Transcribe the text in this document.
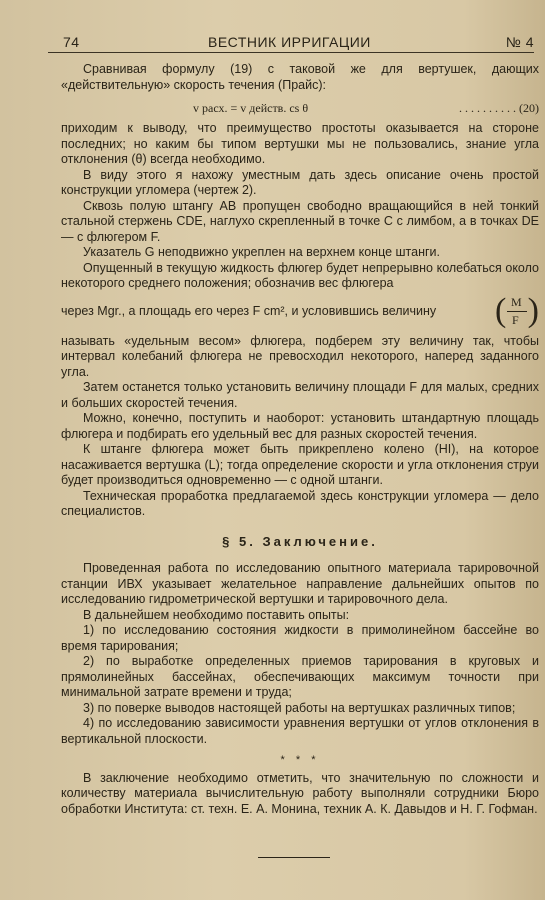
74	ВЕСТНИК ИРРИГАЦИИ	№ 4

Сравнивая формулу (19) с таковой же для вертушек, дающих «действительную» скорость течения (Прайс):

v расх. = v действ. cs θ	. . . . . . . . . . (20)

приходим к выводу, что преимущество простоты оказывается на стороне последних; но каким бы типом вертушки мы не пользовались, знание угла отклонения (θ) всегда необходимо.

В виду этого я нахожу уместным дать здесь описание очень простой конструкции угломера (чертеж 2).

Сквозь полую штангу AB пропущен свободно вращающийся в ней тонкий стальной стержень CDE, наглухо скрепленный в точке C с лимбом, а в точках DE — с флюгером F.

Указатель G неподвижно укреплен на верхнем конце штанги.

Опущенный в текущую жидкость флюгер будет непрерывно колебаться около некоторого среднего положения; обозначив вес флюгера

через Mgr., а площадь его через F cm², и условившись величину ( M
F )

называть «удельным весом» флюгера, подберем эту величину так, чтобы интервал колебаний флюгера не превосходил некоторого, наперед заданного угла.

Затем останется только установить величину площади F для малых, средних и больших скоростей течения.

Можно, конечно, поступить и наоборот: установить штандартную площадь флюгера и подбирать его удельный вес для разных скоростей течения.

К штанге флюгера может быть прикреплено колено (HI), на которое насаживается вертушка (L); тогда определение скорости и угла отклонения струи будет производиться одновременно — с одной штанги.

Техническая проработка предлагаемой здесь конструкции угломера — дело специалистов.

§ 5. Заключение.

Проведенная работа по исследованию опытного материала тарировочной станции ИВХ указывает желательное направление дальнейших опытов по исследованию гидрометрической вертушки и тарировочного дела.

В дальнейшем необходимо поставить опыты:

1) по исследованию состояния жидкости в примолинейном бассейне во время тарирования;

2) по выработке определенных приемов тарирования в круговых и прямолинейных бассейнах, обеспечивающих максимум точности при минимальной затрате времени и труда;

3) по поверке выводов настоящей работы на вертушках различных типов;

4) по исследованию зависимости уравнения вертушки от углов отклонения в вертикальной плоскости.

* * *

В заключение необходимо отметить, что значительную по сложности и количеству материала вычислительную работу выполняли сотрудники Бюро обработки Института: ст. техн. Е. А. Монина, техник А. К. Давыдов и Н. Г. Гофман.
